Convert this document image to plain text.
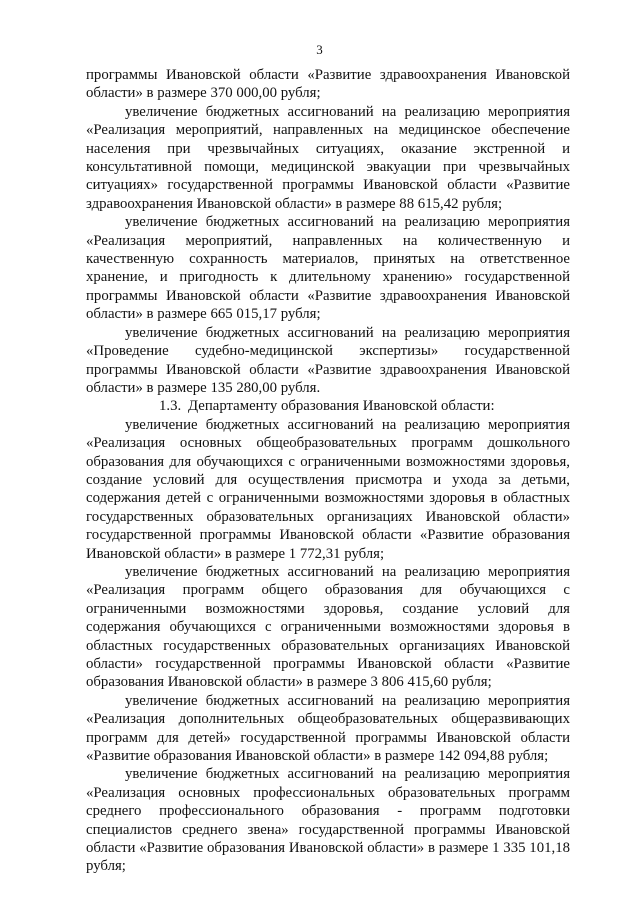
3

программы Ивановской области «Развитие здравоохранения Ивановской области» в размере 370 000,00 рубля;

увеличение бюджетных ассигнований на реализацию мероприятия «Реализация мероприятий, направленных на медицинское обеспечение населения при чрезвычайных ситуациях, оказание экстренной и консультативной помощи, медицинской эвакуации при чрезвычайных ситуациях» государственной программы Ивановской области «Развитие здравоохранения Ивановской области» в размере 88 615,42 рубля;

увеличение бюджетных ассигнований на реализацию мероприятия «Реализация мероприятий, направленных на количественную и качественную сохранность материалов, принятых на ответственное хранение, и пригодность к длительному хранению» государственной программы Ивановской области «Развитие здравоохранения Ивановской области» в размере 665 015,17 рубля;

увеличение бюджетных ассигнований на реализацию мероприятия «Проведение судебно-медицинской экспертизы» государственной программы Ивановской области «Развитие здравоохранения Ивановской области» в размере 135 280,00 рубля.

1.3. Департаменту образования Ивановской области:

увеличение бюджетных ассигнований на реализацию мероприятия «Реализация основных общеобразовательных программ дошкольного образования для обучающихся с ограниченными возможностями здоровья, создание условий для осуществления присмотра и ухода за детьми, содержания детей с ограниченными возможностями здоровья в областных государственных образовательных организациях Ивановской области» государственной программы Ивановской области «Развитие образования Ивановской области» в размере 1 772,31 рубля;

увеличение бюджетных ассигнований на реализацию мероприятия «Реализация программ общего образования для обучающихся с ограниченными возможностями здоровья, создание условий для содержания обучающихся с ограниченными возможностями здоровья в областных государственных образовательных организациях Ивановской области» государственной программы Ивановской области «Развитие образования Ивановской области» в размере 3 806 415,60 рубля;

увеличение бюджетных ассигнований на реализацию мероприятия «Реализация дополнительных общеобразовательных общеразвивающих программ для детей» государственной программы Ивановской области «Развитие образования Ивановской области» в размере 142 094,88 рубля;

увеличение бюджетных ассигнований на реализацию мероприятия «Реализация основных профессиональных образовательных программ среднего профессионального образования - программ подготовки специалистов среднего звена» государственной программы Ивановской области «Развитие образования Ивановской области» в размере 1 335 101,18 рубля;
